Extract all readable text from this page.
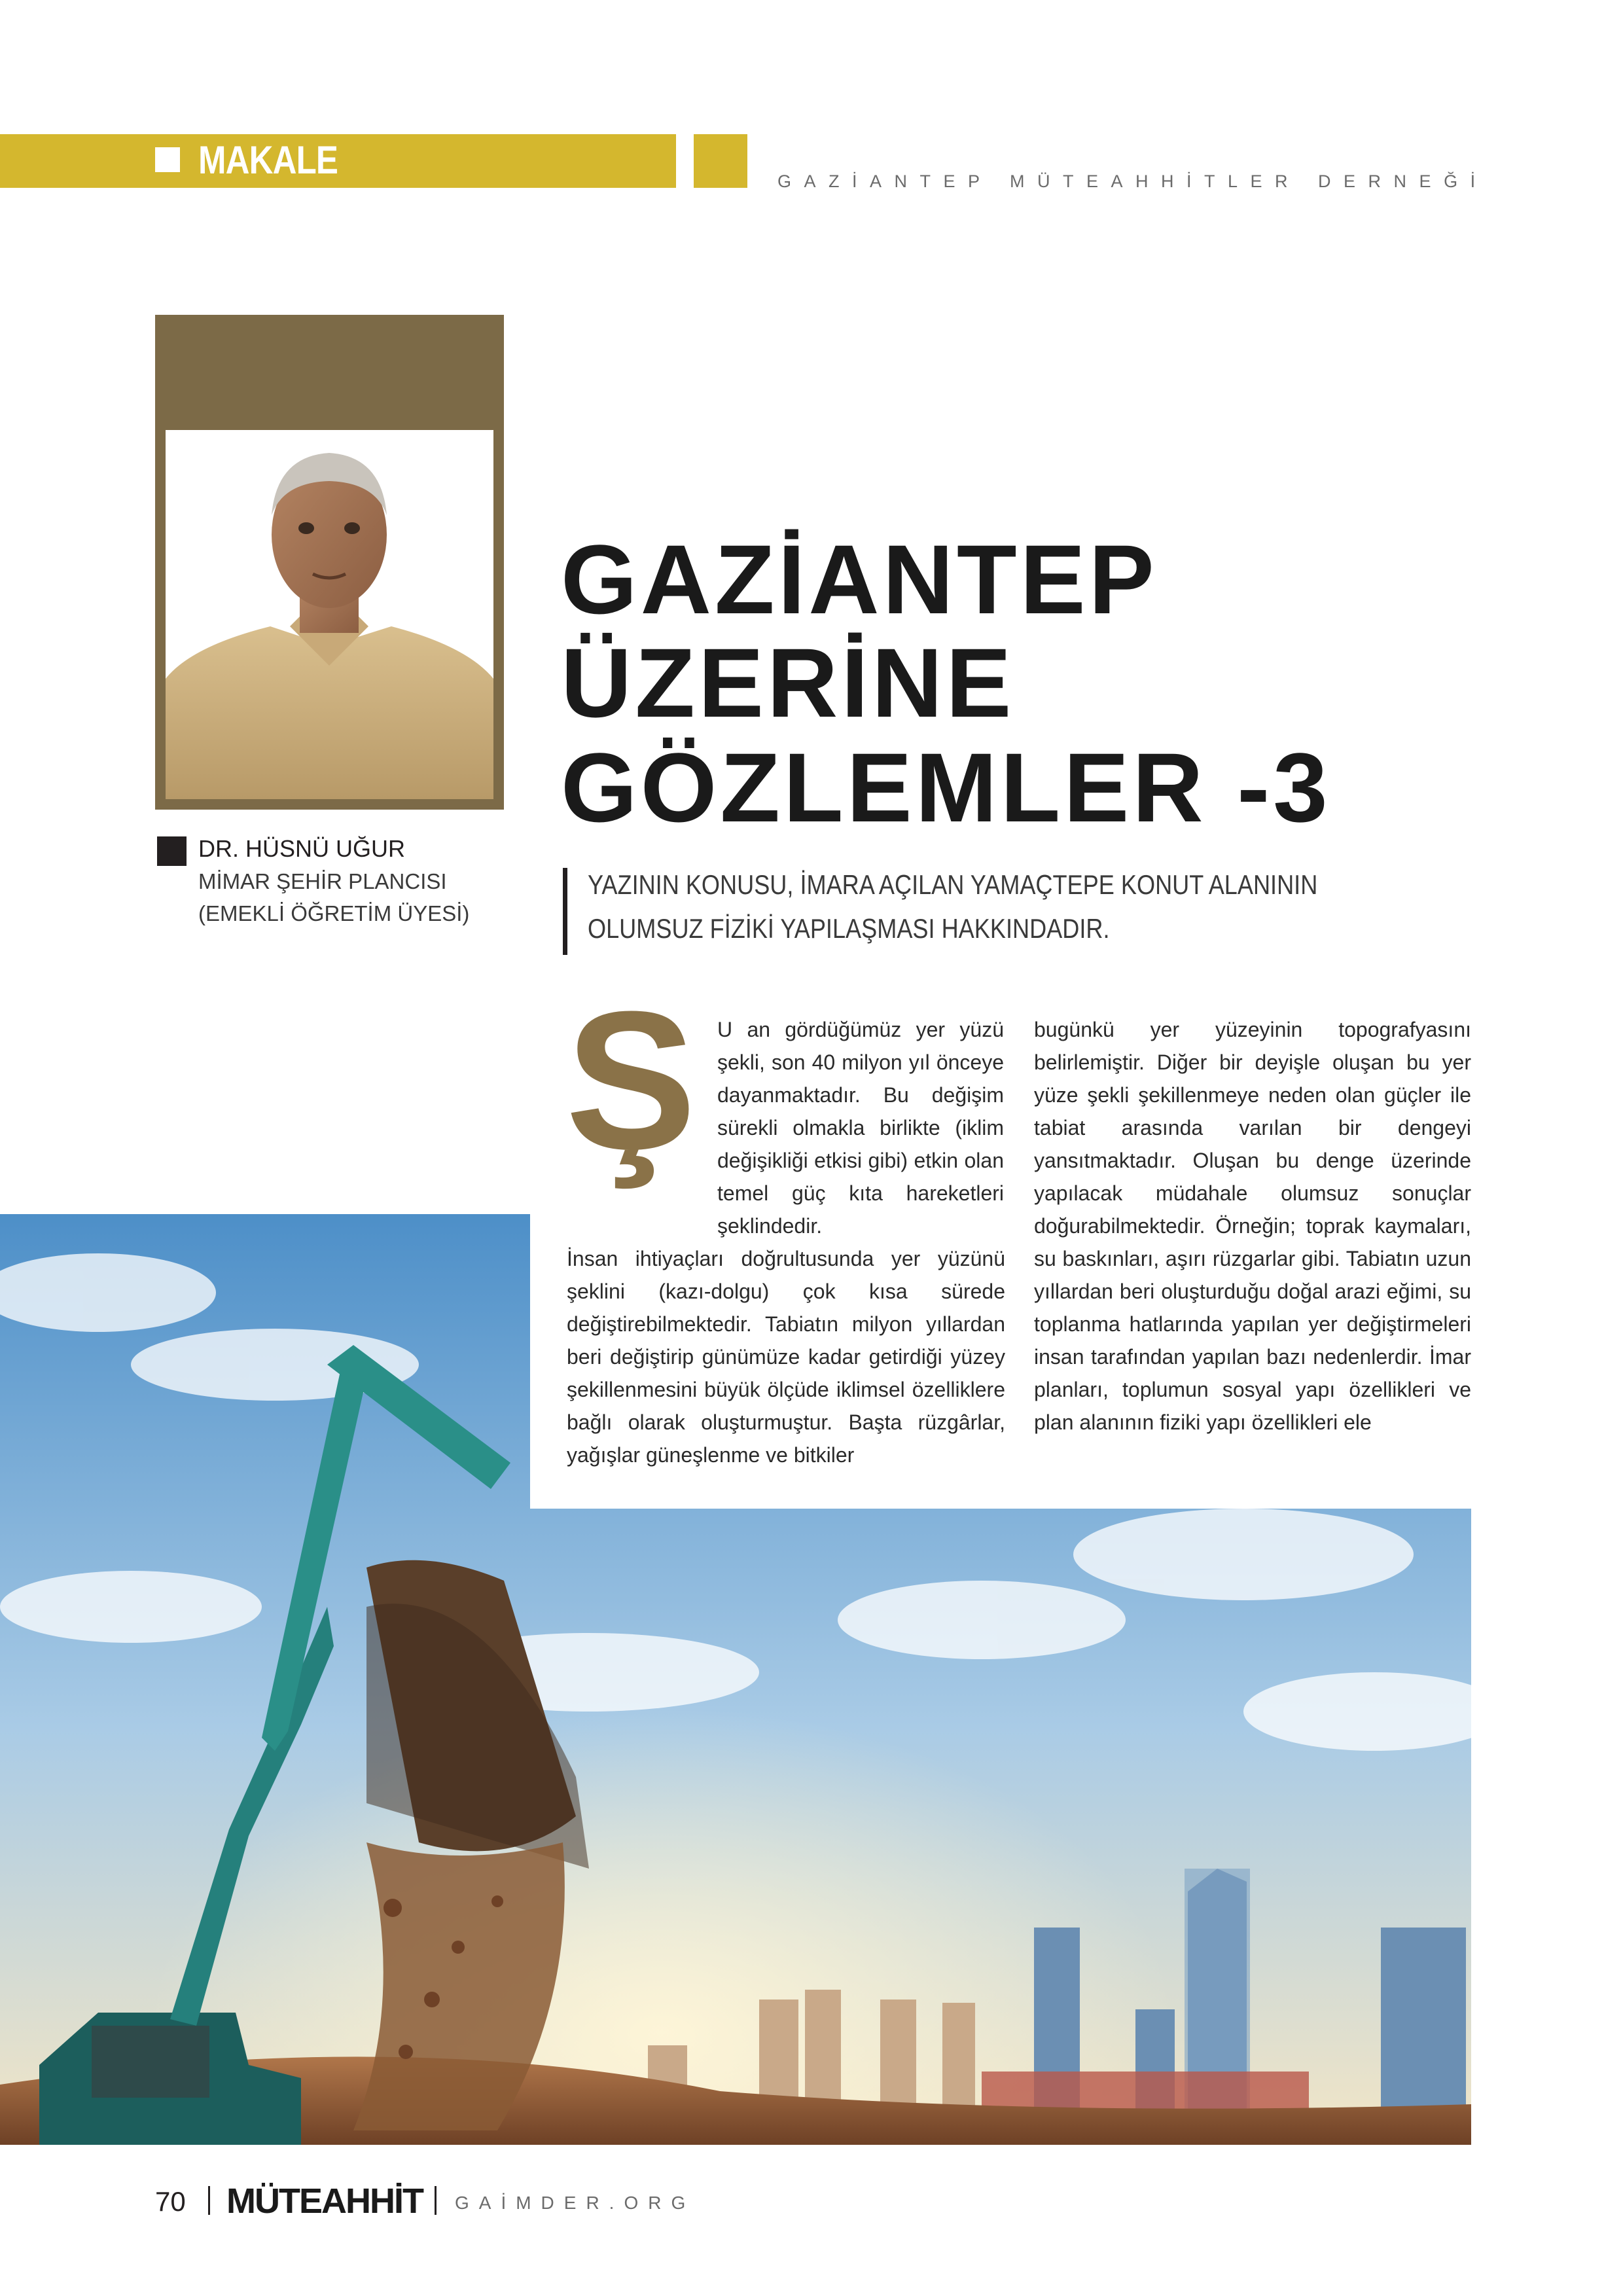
MAKALE	GAZİANTEP MÜTEAHHİTLER DERNEĞİ
DR. HÜSNÜ UĞUR
MİMAR ŞEHİR PLANCISI
(EMEKLİ ÖĞRETİM ÜYESİ)
GAZİANTEP
ÜZERİNE
GÖZLEMLER -3
YAZININ KONUSU, İMARA AÇILAN YAMAÇTEPE KONUT ALANININ
OLUMSUZ FİZİKİ YAPILAŞMASI HAKKINDADIR.
Ş U an gördüğümüz yer yüzü şekli, son 40 milyon yıl önceye dayanmaktadır. Bu değişim sürekli olmakla birlikte (iklim değişikliği etkisi gibi) etkin olan temel güç kıta hareketleri şeklindedir.

İnsan ihtiyaçları doğrultusunda yer yüzünü şeklini (kazı-dolgu) çok kısa sürede değiştirebilmektedir. Tabiatın milyon yıllardan beri değiştirip günümüze kadar getirdiği yüzey şekillenmesini büyük ölçüde iklimsel özelliklere bağlı olarak oluşturmuştur. Başta rüzgârlar, yağışlar güneşlenme ve bitkiler

bugünkü yer yüzeyinin topografyasını belirlemiştir. Diğer bir deyişle oluşan bu yer yüze şekli şekillenmeye neden olan güçler ile tabiat arasında varılan bir dengeyi yansıtmaktadır. Oluşan bu denge üzerinde yapılacak müdahale olumsuz sonuçlar doğurabilmektedir. Örneğin; toprak kaymaları, su baskınları, aşırı rüzgarlar gibi. Tabiatın uzun yıllardan beri oluşturduğu doğal arazi eğimi, su toplanma hatlarında yapılan yer değiştirmeleri insan tarafından yapılan bazı nedenlerdir. İmar planları, toplumun sosyal yapı özellikleri ve plan alanının fiziki yapı özellikleri ele

70 MÜTEAHHİT GAİMDER.ORG
